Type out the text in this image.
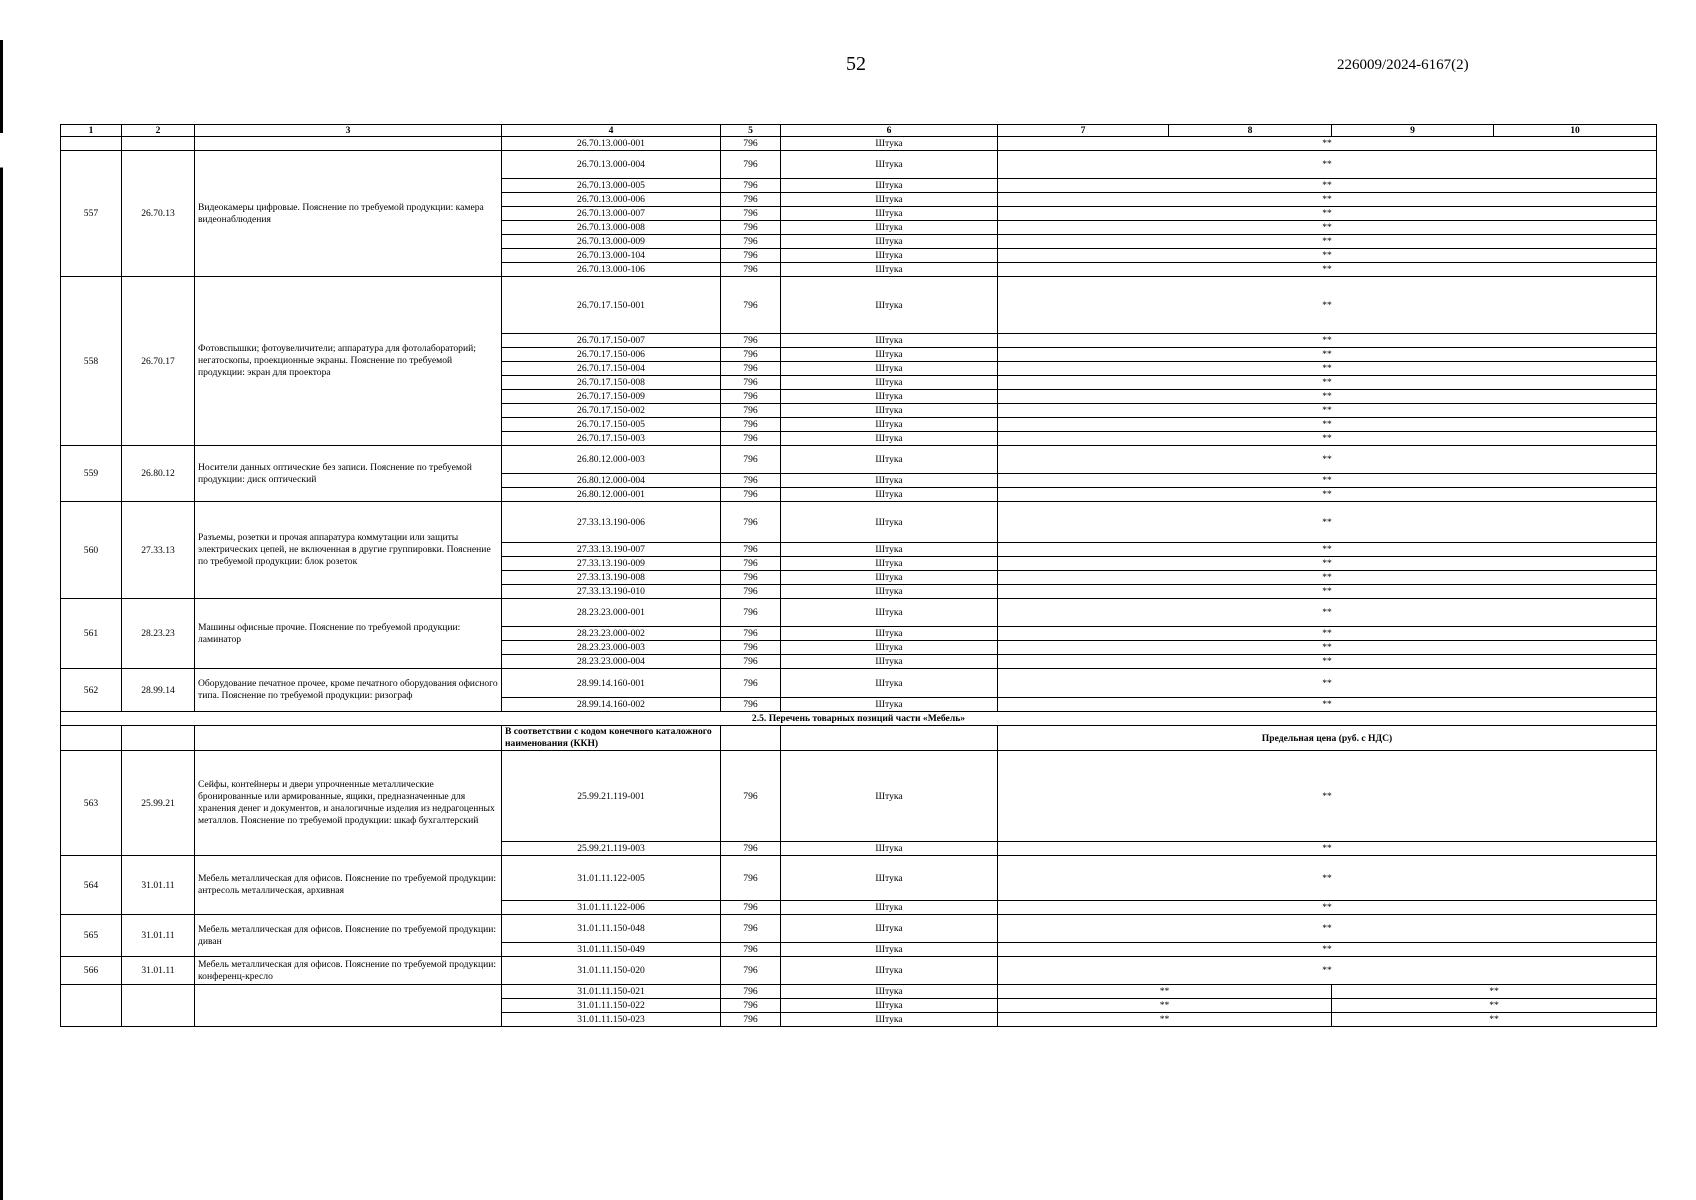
52	226009/2024-6167(2)
1	2	3	4	5	6	7	8	9	10
			26.70.13.000-001	796	Штука	**			
557	26.70.13	Видеокамеры цифровые. Пояснение по требуемой продукции: камера видеонаблюдения	26.70.13.000-004	796	Штука	**			
			26.70.13.000-005	796	Штука	**			
			26.70.13.000-006	796	Штука	**			
			26.70.13.000-007	796	Штука	**			
			26.70.13.000-008	796	Штука	**			
			26.70.13.000-009	796	Штука	**			
			26.70.13.000-104	796	Штука	**			
			26.70.13.000-106	796	Штука	**			
558	26.70.17	Фотовспышки; фотоувеличители; аппаратура для фотолабораторий; негатоскопы, проекционные экраны. Пояснение по требуемой продукции: экран для проектора	26.70.17.150-001	796	Штука	**			
			26.70.17.150-007	796	Штука	**			
			26.70.17.150-006	796	Штука	**			
			26.70.17.150-004	796	Штука	**			
			26.70.17.150-008	796	Штука	**			
			26.70.17.150-009	796	Штука	**			
			26.70.17.150-002	796	Штука	**			
			26.70.17.150-005	796	Штука	**			
			26.70.17.150-003	796	Штука	**			
559	26.80.12	Носители данных оптические без записи. Пояснение по требуемой продукции: диск оптический	26.80.12.000-003	796	Штука	**			
			26.80.12.000-004	796	Штука	**			
			26.80.12.000-001	796	Штука	**			
560	27.33.13	Разъемы, розетки и прочая аппаратура коммутации или защиты электрических цепей, не включенная в другие группировки. Пояснение по требуемой продукции: блок розеток	27.33.13.190-006	796	Штука	**			
			27.33.13.190-007	796	Штука	**			
			27.33.13.190-009	796	Штука	**			
			27.33.13.190-008	796	Штука	**			
			27.33.13.190-010	796	Штука	**			
561	28.23.23	Машины офисные прочие. Пояснение по требуемой продукции: ламинатор	28.23.23.000-001	796	Штука	**			
			28.23.23.000-002	796	Штука	**			
			28.23.23.000-003	796	Штука	**			
			28.23.23.000-004	796	Штука	**			
562	28.99.14	Оборудование печатное прочее, кроме печатного оборудования офисного типа. Пояснение по требуемой продукции: ризограф	28.99.14.160-001	796	Штука	**			
			28.99.14.160-002	796	Штука	**			
2.5. Перечень товарных позиций части «Мебель»									
			В соответствии с кодом конечного каталожного наименования (ККН)			Предельная цена (руб. с НДС)			
563	25.99.21	Сейфы, контейнеры и двери упрочненные металлические бронированные или армированные, ящики, предназначенные для хранения денег и документов, и аналогичные изделия из недрагоценных металлов. Пояснение по требуемой продукции: шкаф бухгалтерский	25.99.21.119-001	796	Штука	**			
			25.99.21.119-003	796	Штука	**			
564	31.01.11	Мебель металлическая для офисов. Пояснение по требуемой продукции: антресоль металлическая, архивная	31.01.11.122-005	796	Штука	**			
			31.01.11.122-006	796	Штука	**			
565	31.01.11	Мебель металлическая для офисов. Пояснение по требуемой продукции: диван	31.01.11.150-048	796	Штука	**			
			31.01.11.150-049	796	Штука	**			
566	31.01.11	Мебель металлическая для офисов. Пояснение по требуемой продукции: конференц-кресло	31.01.11.150-020	796	Штука	**			
			31.01.11.150-021	796	Штука	**		**	
			31.01.11.150-022	796	Штука	**		**	
			31.01.11.150-023	796	Штука	**		**	
